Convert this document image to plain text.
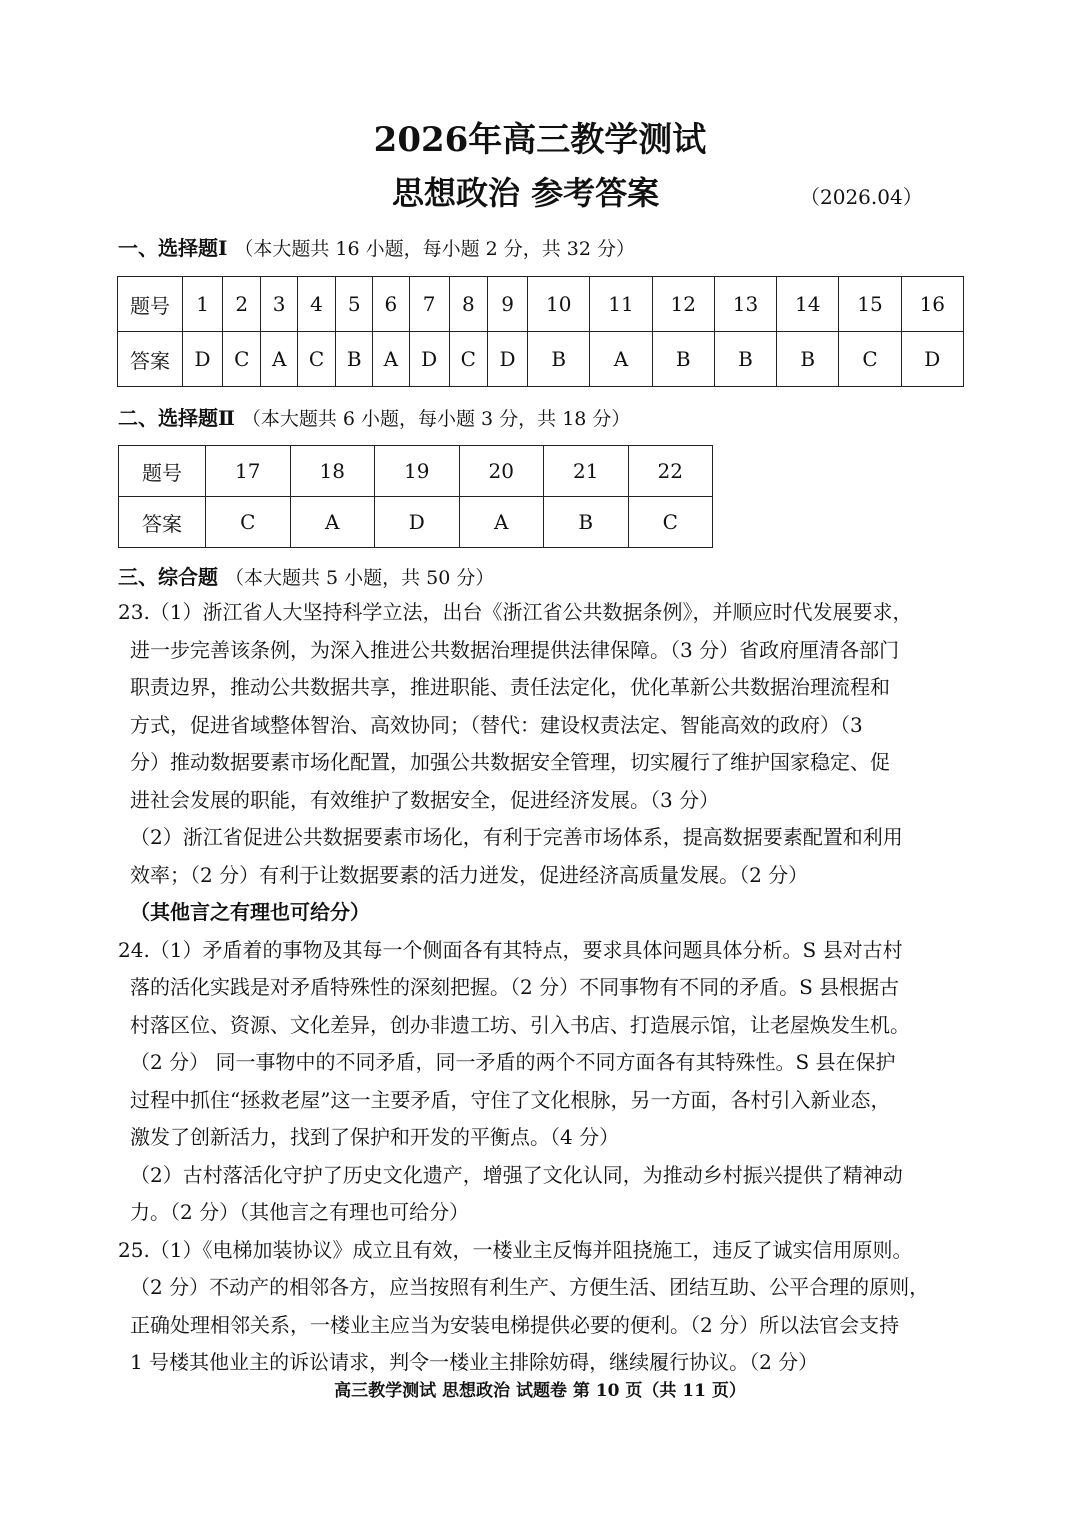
2026年高三教学测试
思想政治 参考答案	（2026.04）
一、选择题Ⅰ （本大题共 16 小题，每小题 2 分，共 32 分）
题号	1	2	3	4	5	6	7	8	9	10	11	12	13	14	15	16
答案	D	C	A	C	B	A	D	C	D	B	A	B	B	B	C	D
二、选择题Ⅱ （本大题共 6 小题，每小题 3 分，共 18 分）
题号	17	18	19	20	21	22
答案	C	A	D	A	B	C
三、综合题 （本大题共 5 小题，共 50 分）
23.（1）浙江省人大坚持科学立法，出台《浙江省公共数据条例》，并顺应时代发展要求，
进一步完善该条例，为深入推进公共数据治理提供法律保障。（3 分）省政府厘清各部门
职责边界，推动公共数据共享，推进职能、责任法定化，优化革新公共数据治理流程和
方式，促进省域整体智治、高效协同；（替代：建设权责法定、智能高效的政府）（3
分）推动数据要素市场化配置，加强公共数据安全管理，切实履行了维护国家稳定、促
进社会发展的职能，有效维护了数据安全，促进经济发展。（3 分）
（2）浙江省促进公共数据要素市场化，有利于完善市场体系，提高数据要素配置和利用
效率；（2 分）有利于让数据要素的活力迸发，促进经济高质量发展。（2 分）
（其他言之有理也可给分）
24.（1）矛盾着的事物及其每一个侧面各有其特点，要求具体问题具体分析。S 县对古村
落的活化实践是对矛盾特殊性的深刻把握。（2 分）不同事物有不同的矛盾。S 县根据古
村落区位、资源、文化差异，创办非遗工坊、引入书店、打造展示馆，让老屋焕发生机。
（2 分） 同一事物中的不同矛盾，同一矛盾的两个不同方面各有其特殊性。S 县在保护
过程中抓住“拯救老屋”这一主要矛盾，守住了文化根脉，另一方面，各村引入新业态，
激发了创新活力，找到了保护和开发的平衡点。（4 分）
（2）古村落活化守护了历史文化遗产，增强了文化认同，为推动乡村振兴提供了精神动
力。（2 分）（其他言之有理也可给分）
25.（1）《电梯加装协议》成立且有效，一楼业主反悔并阻挠施工，违反了诚实信用原则。
（2 分）不动产的相邻各方，应当按照有利生产、方便生活、团结互助、公平合理的原则，
正确处理相邻关系，一楼业主应当为安装电梯提供必要的便利。（2 分）所以法官会支持
1 号楼其他业主的诉讼请求，判令一楼业主排除妨碍，继续履行协议。（2 分）
高三教学测试 思想政治 试题卷 第 10 页（共 11 页）
